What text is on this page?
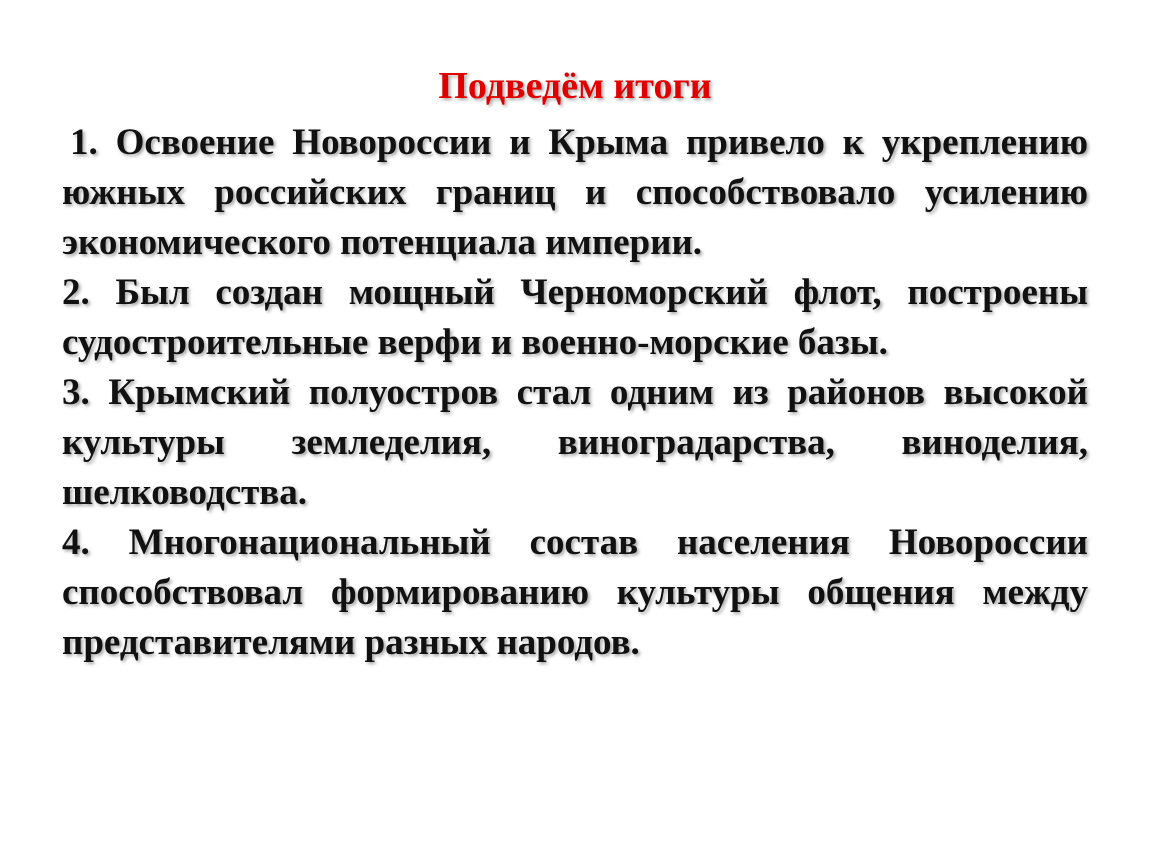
Подведём итоги

1. Освоение Новороссии и Крыма привело к укреплению южных российских границ и способствовало усилению экономического потенциала империи.

2. Был создан мощный Черноморский флот, построены судостроительные верфи и военно-морские базы.

3. Крымский полуостров стал одним из районов высокой культуры земледелия, виноградарства, виноделия, шелководства.

4. Многонациональный состав населения Новороссии способствовал формированию культуры общения между представителями разных народов.
